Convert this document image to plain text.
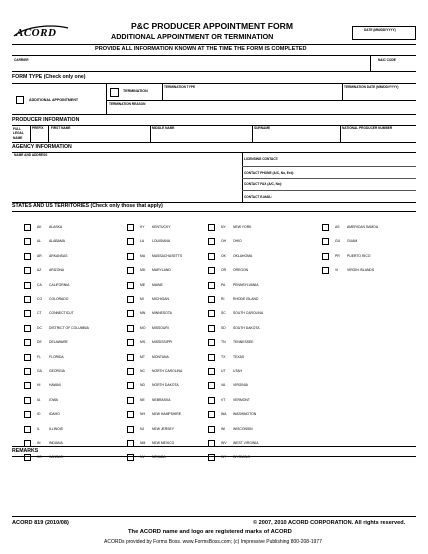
ACORD
P&C PRODUCER APPOINTMENT FORM
ADDITIONAL APPOINTMENT OR TERMINATION
DATE (MM/DD/YYYY)
PROVIDE ALL INFORMATION KNOWN AT THE TIME THE FORM IS COMPLETED
CARRIER	NAIC CODE
FORM TYPE (Check only one)
ADDITIONAL APPOINTMENT
TERMINATION
TERMINATION TYPE	TERMINATION DATE (MM/DD/YYYY)
TERMINATION REASON
PRODUCER INFORMATION
FULL LEGAL NAME
PREFIX FIRST NAME	MIDDLE NAME	SURNAME	NATIONAL PRODUCER NUMBER
AGENCY INFORMATION
NAME AND ADDRESS
LICENSING CONTACT:
CONTACT PHONE (A/C, No, Ext):
CONTACT FAX (A/C, No):
CONTACT E-MAIL:
STATES AND US TERRITORIES (Check only those that apply)
AK ALASKA
AL ALABAMA
AR ARKANSAS
AZ ARIZONA
CA CALIFORNIA
CO COLORADO
CT CONNECTICUT
DC DISTRICT OF COLUMBIA
DE DELAWARE
FL FLORIDA
GA GEORGIA
HI	HAWAII
IA	IOWA
ID	IDAHO
IL	ILLINOIS
IN	INDIANA
KS KANSAS
KY KENTUCKY
LA LOUISIANA
MA MASSACHUSETTS
MD MARYLAND
ME MAINE
MI MICHIGAN
MN MINNESOTA
MO MISSOURI
MS MISSISSIPPI
MT MONTANA
NC NORTH CAROLINA
ND NORTH DAKOTA
NE NEBRASKA
NH NEW HAMPSHIRE
NJ NEW JERSEY
NM NEW MEXICO
NV NEVADA
NY NEW YORK
OH OHIO
OK OKLAHOMA
OR OREGON
PA PENNSYLVANIA
RI	RHODE ISLAND
SC SOUTH CAROLINA
SD SOUTH DAKOTA
TN TENNESSEE
TX TEXAS
UT UTAH
VA VIRGINIA
VT VERMONT
WA WASHINGTON
WI WISCONSIN
WV WEST VIRGINIA
WY WYOMING
AS AMERICAN SAMOA
GU GUAM
PR PUERTO RICO
VI	VIRGIN ISLANDS
REMARKS
ACORD 819 (2010/08)	© 2007, 2010 ACORD CORPORATION. All rights reserved.
The ACORD name and logo are registered marks of ACORD
ACORDs provided by Forms Boss. www.FormsBoss.com; (c) Impressive Publishing 800-208-1977
